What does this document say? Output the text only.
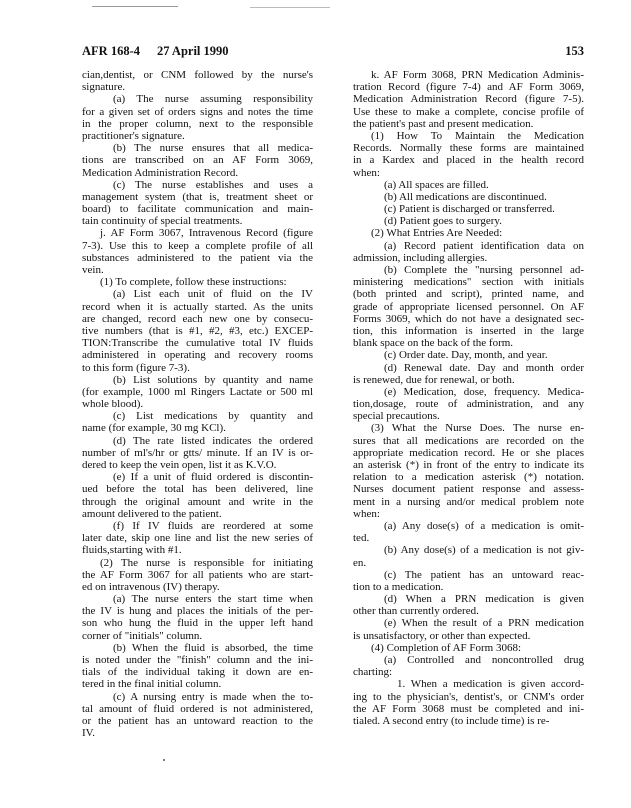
AFR 168-4 27 April 1990	153
cian,dentist, or CNM followed by the nurse's
signature.
(a) The nurse assuming responsibility
for a given set of orders signs and notes the time
in the proper column, next to the responsible
practitioner's signature.
(b) The nurse ensures that all medica-
tions are transcribed on an AF Form 3069,
Medication Administration Record.
(c) The nurse establishes and uses a
management system (that is, treatment sheet or
board) to facilitate communication and main-
tain continuity of special treatments.
j. AF Form 3067, Intravenous Record (figure
7-3). Use this to keep a complete profile of all
substances administered to the patient via the
vein.
(1) To complete, follow these instructions:
(a) List each unit of fluid on the IV
record when it is actually started. As the units
are changed, record each new one by consecu-
tive numbers (that is #1, #2, #3, etc.) EXCEP-
TION:Transcribe the cumulative total IV fluids
administered in operating and recovery rooms
to this form (figure 7-3).
(b) List solutions by quantity and name
(for example, 1000 ml Ringers Lactate or 500 ml
whole blood).
(c) List medications by quantity and
name (for example, 30 mg KCl).
(d) The rate listed indicates the ordered
number of ml's/hr or gtts/ minute. If an IV is or-
dered to keep the vein open, list it as K.V.O.
(e) If a unit of fluid ordered is discontin-
ued before the total has been delivered, line
through the original amount and write in the
amount delivered to the patient.
(f) If IV fluids are reordered at some
later date, skip one line and list the new series of
fluids,starting with #1.
(2) The nurse is responsible for initiating
the AF Form 3067 for all patients who are start-
ed on intravenous (IV) therapy.
(a) The nurse enters the start time when
the IV is hung and places the initials of the per-
son who hung the fluid in the upper left hand
corner of "initials" column.
(b) When the fluid is absorbed, the time
is noted under the "finish" column and the ini-
tials of the individual taking it down are en-
tered in the final initial column.
(c) A nursing entry is made when the to-
tal amount of fluid ordered is not administered,
or the patient has an untoward reaction to the
IV.
k. AF Form 3068, PRN Medication Adminis-
tration Record (figure 7-4) and AF Form 3069,
Medication Administration Record (figure 7-5).
Use these to make a complete, concise profile of
the patient's past and present medication.
(1) How To Maintain the Medication
Records. Normally these forms are maintained
in a Kardex and placed in the health record
when:
(a) All spaces are filled.
(b) All medications are discontinued.
(c) Patient is discharged or transferred.
(d) Patient goes to surgery.
(2) What Entries Are Needed:
(a) Record patient identification data on
admission, including allergies.
(b) Complete the "nursing personnel ad-
ministering medications" section with initials
(both printed and script), printed name, and
grade of appropriate licensed personnel. On AF
Forms 3069, which do not have a designated sec-
tion, this information is inserted in the large
blank space on the back of the form.
(c) Order date. Day, month, and year.
(d) Renewal date. Day and month order
is renewed, due for renewal, or both.
(e) Medication, dose, frequency. Medica-
tion,dosage, route of administration, and any
special precautions.
(3) What the Nurse Does. The nurse en-
sures that all medications are recorded on the
appropriate medication record. He or she places
an asterisk (*) in front of the entry to indicate its
relation to a medication asterisk (*) notation.
Nurses document patient response and assess-
ment in a nursing and/or medical problem note
when:
(a) Any dose(s) of a medication is omit-
ted.
(b) Any dose(s) of a medication is not giv-
en.
(c) The patient has an untoward reac-
tion to a medication.
(d) When a PRN medication is given
other than currently ordered.
(e) When the result of a PRN medication
is unsatisfactory, or other than expected.
(4) Completion of AF Form 3068:
(a) Controlled and noncontrolled drug
charting:
1. When a medication is given accord-
ing to the physician's, dentist's, or CNM's order
the AF Form 3068 must be completed and ini-
tialed. A second entry (to include time) is re-
